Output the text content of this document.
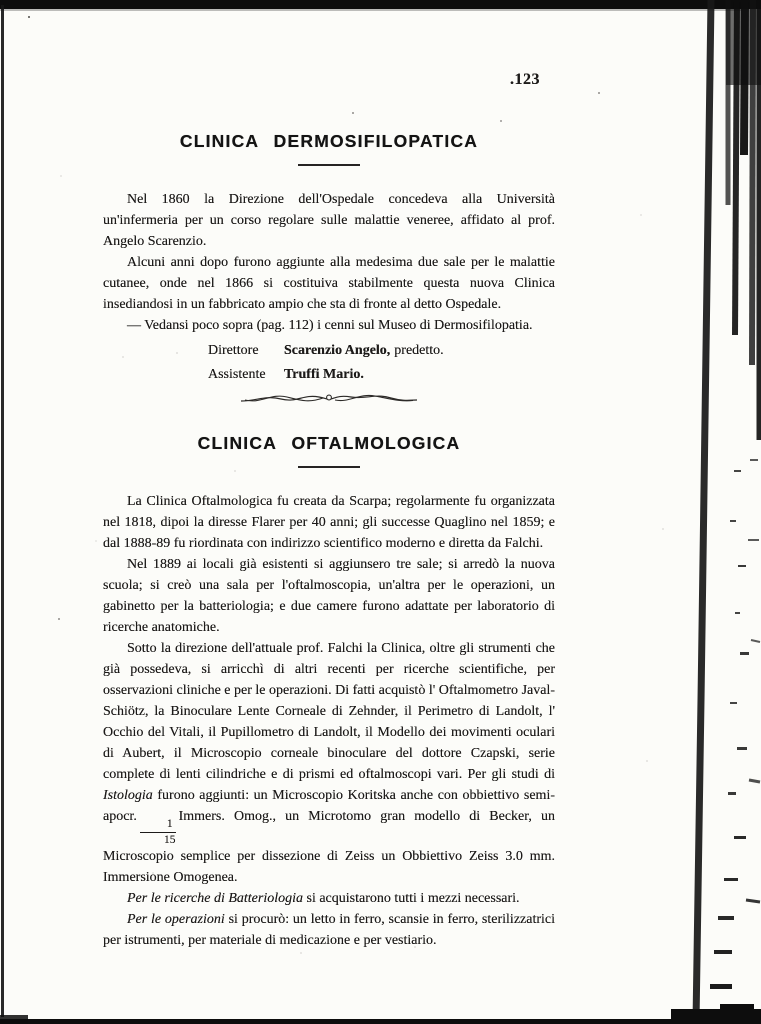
.123
CLINICA DERMOSIFILOPATICA

Nel 1860 la Direzione dell'Ospedale concedeva alla Università un'infermeria per un corso regolare sulle malattie veneree, affidato al prof. Angelo Scarenzio.

Alcuni anni dopo furono aggiunte alla medesima due sale per le malattie cutanee, onde nel 1866 si costituiva stabilmente questa nuova Clinica insediandosi in un fabbricato ampio che sta di fronte al detto Ospedale.

— Vedansi poco sopra (pag. 112) i cenni sul Museo di Dermosifilopatia.

Direttore	Scarenzio Angelo, predetto.
Assistente	Truffi Mario.
CLINICA OFTALMOLOGICA

La Clinica Oftalmologica fu creata da Scarpa; regolarmente fu organizzata nel 1818, dipoi la diresse Flarer per 40 anni; gli successe Quaglino nel 1859; e dal 1888-89 fu riordinata con indirizzo scientifico moderno e diretta da Falchi.

Nel 1889 ai locali già esistenti si aggiunsero tre sale; si arredò la nuova scuola; si creò una sala per l'oftalmoscopia, un'altra per le operazioni, un gabinetto per la batteriologia; e due camere furono adattate per laboratorio di ricerche anatomiche.

Sotto la direzione dell'attuale prof. Falchi la Clinica, oltre gli strumenti che già possedeva, si arricchì di altri recenti per ricerche scientifiche, per osservazioni cliniche e per le operazioni. Di fatti acquistò l' Oftalmometro Javal-Schiötz, la Binoculare Lente Corneale di Zehnder, il Perimetro di Landolt, l' Occhio del Vitali, il Pupillometro di Landolt, il Modello dei movimenti oculari di Aubert, il Microscopio corneale binoculare del dottore Czapski, serie complete di lenti cilindriche e di prismi ed oftalmoscopi vari. Per gli studi di Istologia furono aggiunti: un Microscopio Koritska anche con obbiettivo semi-apocr.
$\frac{1}{15}$
Immers. Omog., un Microtomo gran modello di Becker, un Microscopio semplice per dissezione di Zeiss un Obbiettivo Zeiss 3.0 mm. Immersione Omogenea.

Per le ricerche di Batteriologia si acquistarono tutti i mezzi necessari.

Per le operazioni si procurò: un letto in ferro, scansie in ferro, sterilizzatrici per istrumenti, per materiale di medicazione e per vestiario.
